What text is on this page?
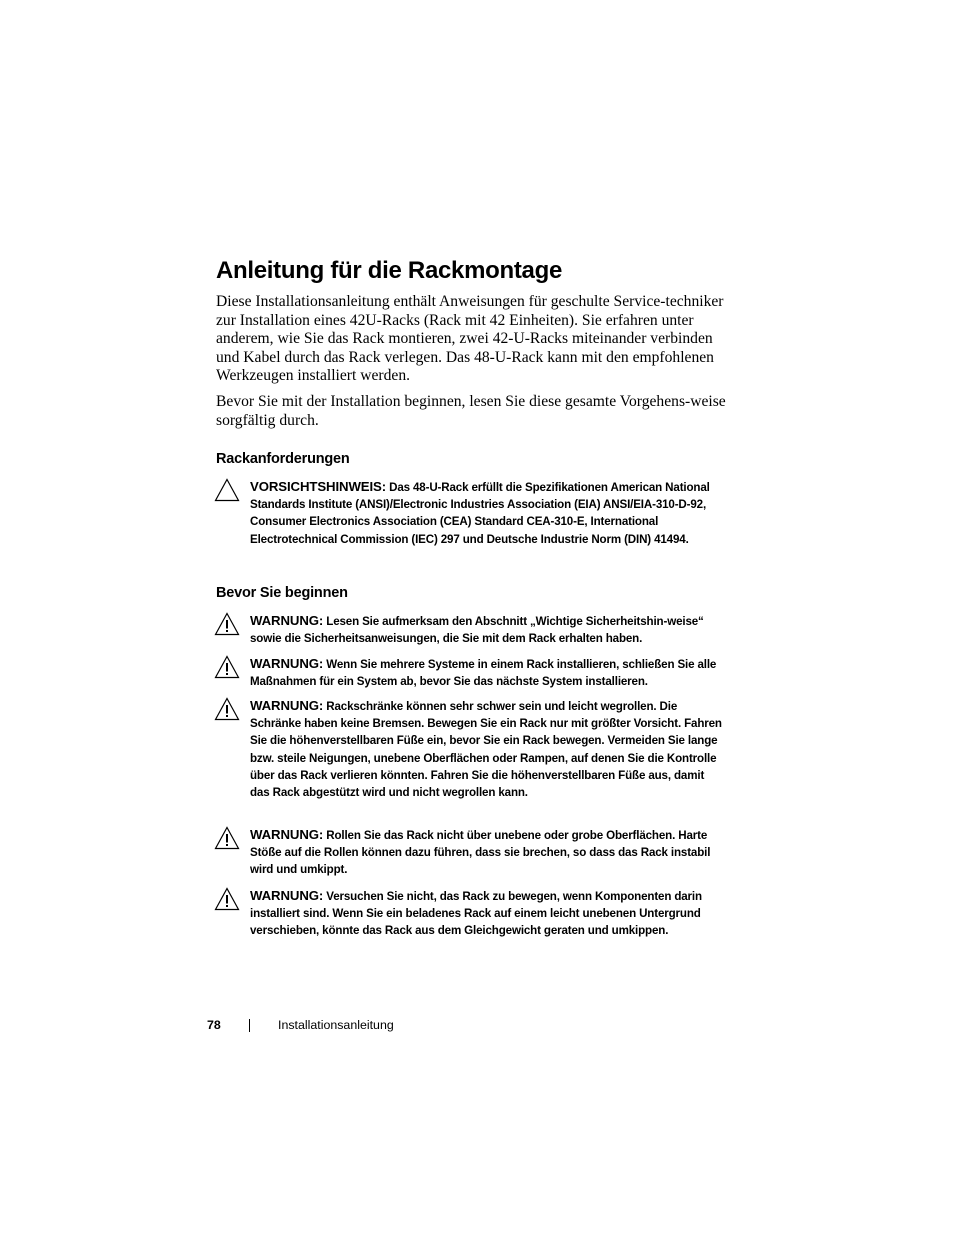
Anleitung für die Rackmontage

Diese Installationsanleitung enthält Anweisungen für geschulte Service-techniker zur Installation eines 42U-Racks (Rack mit 42 Einheiten). Sie erfahren unter anderem, wie Sie das Rack montieren, zwei 42-U-Racks miteinander verbinden und Kabel durch das Rack verlegen. Das 48-U-Rack kann mit den empfohlenen Werkzeugen installiert werden.

Bevor Sie mit der Installation beginnen, lesen Sie diese gesamte Vorgehens-weise sorgfältig durch.

Rackanforderungen

VORSICHTSHINWEIS: Das 48-U-Rack erfüllt die Spezifikationen American National Standards Institute (ANSI)/Electronic Industries Association (EIA) ANSI/EIA-310-D-92, Consumer Electronics Association (CEA) Standard CEA-310-E, International Electrotechnical Commission (IEC) 297 und Deutsche Industrie Norm (DIN) 41494.

Bevor Sie beginnen

WARNUNG: Lesen Sie aufmerksam den Abschnitt „Wichtige Sicherheitshin-weise“ sowie die Sicherheitsanweisungen, die Sie mit dem Rack erhalten haben.

WARNUNG: Wenn Sie mehrere Systeme in einem Rack installieren, schließen Sie alle Maßnahmen für ein System ab, bevor Sie das nächste System installieren.

WARNUNG: Rackschränke können sehr schwer sein und leicht wegrollen. Die Schränke haben keine Bremsen. Bewegen Sie ein Rack nur mit größter Vorsicht. Fahren Sie die höhenverstellbaren Füße ein, bevor Sie ein Rack bewegen. Vermeiden Sie lange bzw. steile Neigungen, unebene Oberflächen oder Rampen, auf denen Sie die Kontrolle über das Rack verlieren könnten. Fahren Sie die höhenverstellbaren Füße aus, damit das Rack abgestützt wird und nicht wegrollen kann.

WARNUNG: Rollen Sie das Rack nicht über unebene oder grobe Oberflächen. Harte Stöße auf die Rollen können dazu führen, dass sie brechen, so dass das Rack instabil wird und umkippt.

WARNUNG: Versuchen Sie nicht, das Rack zu bewegen, wenn Komponenten darin installiert sind. Wenn Sie ein beladenes Rack auf einem leicht unebenen Untergrund verschieben, könnte das Rack aus dem Gleichgewicht geraten und umkippen.

78	Installationsanleitung
